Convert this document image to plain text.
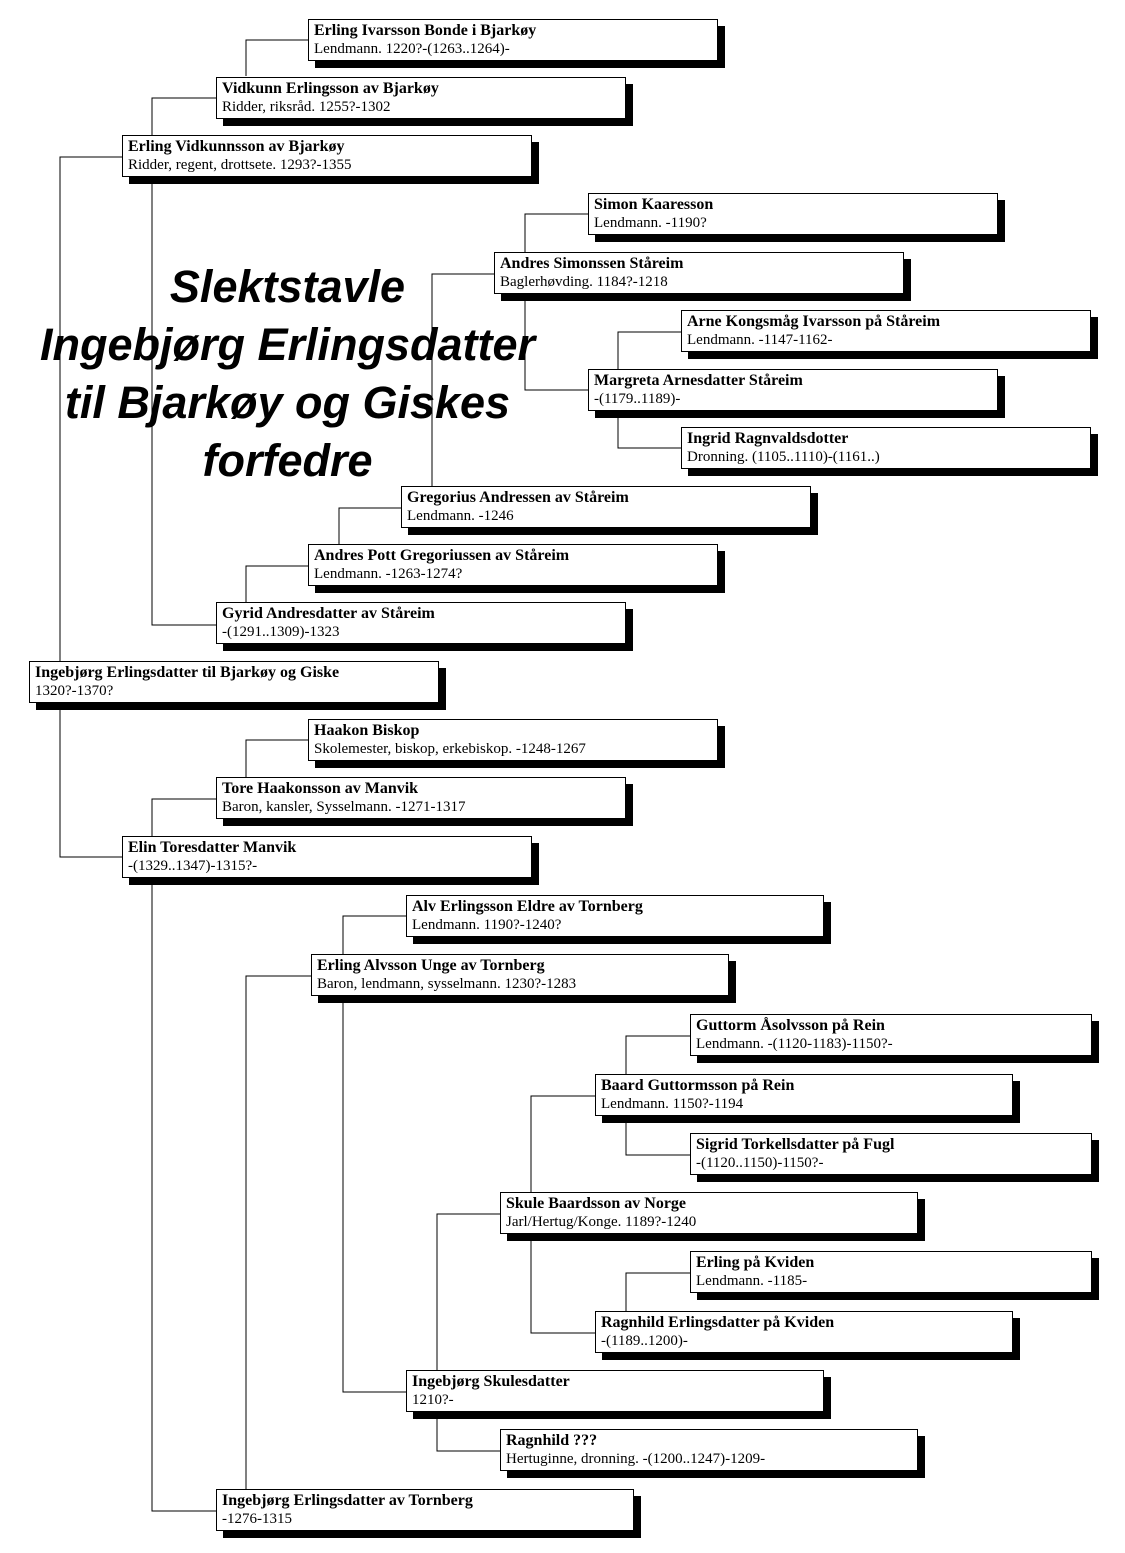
Slektstavle
Ingebjørg Erlingsdatter
til Bjarkøy og Giskes
forfedre
Erling Ivarsson Bonde i Bjarkøy
Lendmann. 1220?-(1263..1264)-
Vidkunn Erlingsson av Bjarkøy
Ridder, riksråd. 1255?-1302
Erling Vidkunnsson av Bjarkøy
Ridder, regent, drottsete. 1293?-1355
Simon Kaaresson
Lendmann. -1190?
Andres Simonssen Ståreim
Baglerhøvding. 1184?-1218
Arne Kongsmåg Ivarsson på Ståreim
Lendmann. -1147-1162-
Margreta Arnesdatter Ståreim
-(1179..1189)-
Ingrid Ragnvaldsdotter
Dronning. (1105..1110)-(1161..)
Gregorius Andressen av Ståreim
Lendmann. -1246
Andres Pott Gregoriussen av Ståreim
Lendmann. -1263-1274?
Gyrid Andresdatter av Ståreim
-(1291..1309)-1323
Ingebjørg Erlingsdatter til Bjarkøy og Giske
1320?-1370?
Haakon Biskop
Skolemester, biskop, erkebiskop. -1248-1267
Tore Haakonsson av Manvik
Baron, kansler, Sysselmann. -1271-1317
Elin Toresdatter Manvik
-(1329..1347)-1315?-
Alv Erlingsson Eldre av Tornberg
Lendmann. 1190?-1240?
Erling Alvsson Unge av Tornberg
Baron, lendmann, sysselmann. 1230?-1283
Guttorm Åsolvsson på Rein
Lendmann. -(1120-1183)-1150?-
Baard Guttormsson på Rein
Lendmann. 1150?-1194
Sigrid Torkellsdatter på Fugl
-(1120..1150)-1150?-
Skule Baardsson av Norge
Jarl/Hertug/Konge. 1189?-1240
Erling på Kviden
Lendmann. -1185-
Ragnhild Erlingsdatter på Kviden
-(1189..1200)-
Ingebjørg Skulesdatter
1210?-
Ragnhild ???
Hertuginne, dronning. -(1200..1247)-1209-
Ingebjørg Erlingsdatter av Tornberg
-1276-1315
